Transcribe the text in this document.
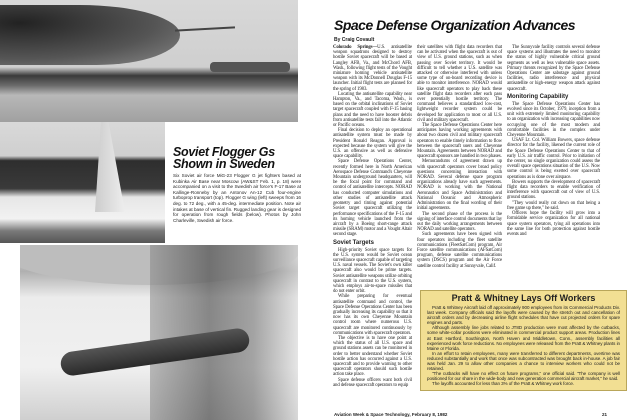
Soviet Flogger Gs Shown in Sweden

Six Soviet air force MiG-23 Flogger G jet fighters based at Kubinka Air Base near Moscow (AW&ST Feb. 1, p. 18) were accompanied on a visit to the Swedish air force's F-17 Base at Kallinge-Ronneby by an Antonov An-12 Cub four-engine turboprop transport (top). Flogger G wing (left) sweeps from 16 deg. to 72 deg., with a 45-deg. intermediate position. Note air intakes at base of vertical fin. Rugged landing gear is designed for operation from rough fields (below). Photos by John Charleville, Swedish air force.

Space Defense Organization Advances
By Craig Covault

Colorado Springs—U.S. antisatellite weapon squadrons designed to destroy hostile Soviet spacecraft will be based at Langley AFB, Va., and McChord AFB, Wash., following flight tests of the Vought miniature homing vehicle antisatellite weapon with its McDonnell Douglas F-15 launcher. Initial flight tests are planned for the spring of 1983.

Locating the antisatellite capability near Hampton, Va., and Tacoma, Wash., is based on the orbital inclinations of Soviet target spacecraft coupled with F-15 basing plans and the need to have booster debris from antisatellite tests fall into the Atlantic or Pacific oceans.

Final decision to deploy an operational antisatellite system must be made by President Ronald Reagan. Approval is expected because the system will give the U.S. an offensive as well as defensive space capability.

Space Defense Operations Center, recently formed here in North American Aerospace Defense Command's Cheyenne Mountain underground headquarters, will be the focal point for command and control of antisatellite intercepts. NORAD has conducted computer simulations and other studies of antisatellite attack geometry and timing against potential Soviet target spacecraft utilizing the performance specifications of the F-15 and its homing vehicle launched from the aircraft by a Boeing short-range attack missile (SRAM) motor and a Vought Altair second stage.

Soviet Targets

High-priority Soviet space targets for the U.S. system would be Soviet ocean surveillance spacecraft capable of targeting U.S. naval vessels. The Soviet's own killer spacecraft also would be prime targets. Soviet antisatellite weapons utilize orbiting spacecraft in contrast to the U.S. system, which employs air-to-space missiles that do not enter orbit.

While preparing for eventual antisatellite command and control, the Space Defense Operations Center has been gradually increasing its capability so that it now has its own Cheyenne Mountain control room where numerous U.S. spacecraft are monitored continuously by communications with spacecraft operators.

The objective is to have one point at which the status of all U.S. space and ground stations assets can be monitored in order to better understand whether Soviet hostile action has occurred against a U.S. spacecraft and to provide warning to other spacecraft operators should such hostile action take place.

Space defense officers want both civil and defense spacecraft operators to equip

their satellites with flight data recorders that can be activated when the spacecraft is out of view of U.S. ground stations, such as when passing over Soviet territory. It would be difficult to tell whether a U.S. satellite was attacked or otherwise interfered with unless some type of on-board recording device is able to monitor interference. NORAD would like spacecraft operators to play back these satellite flight data recorders after each pass over potentially hostile territory. The command believes a standardized low-cost, lightweight recorder system could be developed for application to most or all U.S. civil and military spacecraft.

The Space Defense Operations Center here anticipates having working agreements with about two dozen civil and military spacecraft operators to enable timely information to flow between the spacecraft users and Cheyenne Mountain. Agreements between NORAD and spacecraft sponsors are handled in two phases.

Memorandums of agreement drawn up with spacecraft operators cover broad policy questions concerning interaction with NORAD. Several defense space program organizations already have such agreements. NORAD is working with the National Aeronautics and Space Administration and National Oceanic and Atmospheric Administration on the final wording of their initial agreements.

The second phase of the process is the signing of interface control documents that lay out the daily working arrangements between NORAD and satellite operators.

Such agreements have been signed with four operators including the fleet satellite communications (FleetSatCom) program, Air Force satellite communications (AFSatCom) program, defense satellite communications system (DSCS) program and the Air Force satellite control facility at Sunnyvale, Calif.

The Sunnyvale facility controls several defense space systems and illustrates the need to monitor the status of highly vulnerable critical ground segments as well as less vulnerable space assets. Primary threats recognized by the Space Defense Operations Center are sabotage against ground facilities, radio interference and physical antisatellite or high-energy weapon attack against spacecraft.

Monitoring Capability

The Space Defense Operations Center has evolved since its October, 1979, inception from a unit with extremely limited monitoring capability to an organization with increasing capabilities now occupying one of the most modern and comfortable facilities in the complex under Cheyenne Mountain.

USAF Lt. Col. William Bowers, space defense director for the facility, likened the current role of the Space Defense Operations Center to that of early U.S. air traffic control. Prior to initiation of the center, no single organization could assess the overall space operations situation of the U.S. Now some control is being exerted over spacecraft operations as is done over airspace.

Bowers supports the development of spacecraft flight data recorders to enable verification of interference with spacecraft out of view of U.S. ground stations.

"They would really cut down on that being a free game up there," he said.

Officers hope the facility will grow into a formidable service organization for all national space system operators, tying all operations into the same line for both protection against hostile events and

Pratt & Whitney Lays Off Workers

Pratt & Whitney Aircraft laid off approximately 900 employees from its Commercial Products Div. last week. Company officials said the layoffs were caused by the stretch out and cancellation of aircraft orders and by decreasing airline flight schedules that have cut projected orders for spare engines and parts.

Although assembly line jobs related to JT8D production were most affected by the cutbacks, some white-collar positions were eliminated in commercial product support areas. Production lines at East Hartford, Southington, North Haven and Middletown, Conn., assembly facilities all experienced work force reductions. No employees were released from the Pratt & Whitney plants in Maine or Florida.

In an effort to retain employees, many were transferred to different departments, overtime was reduced substantially and work that once was subcontracted was brought back in-house. A job fair was held Jan. 29 to allow other companies a chance to interview workers who could not be retained.

"The cutbacks will have no effect on future programs," one official said. "The company is well positioned for our share in the wide-body and new generation commercial aircraft market," he said.

The layoffs accounted for less than 3% of the Pratt & Whitney work force.

Aviation Week & Space Technology, February 8, 1982	21
